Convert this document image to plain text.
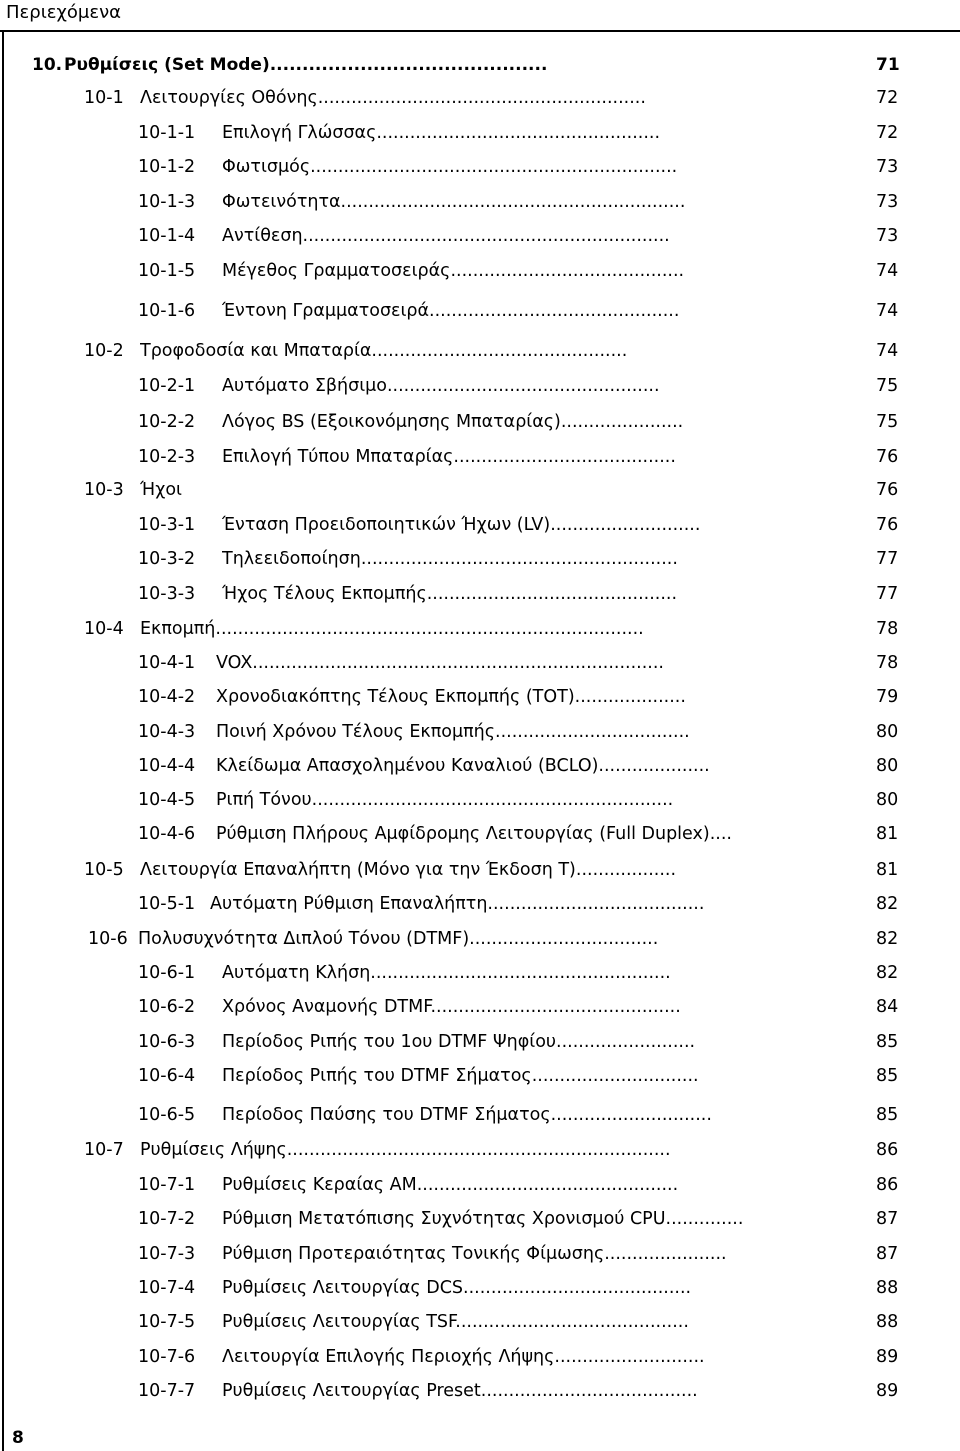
Περιεχόμενα
10. Ρυθμίσεις (Set Mode)...........................................	71
10-1 Λειτουργίες Οθόνης...........................................................	72
10-1-1 Επιλογή Γλώσσας...................................................	72
10-1-2 Φωτισμός..................................................................	73
10-1-3 Φωτεινότητα..............................................................	73
10-1-4 Αντίθεση..................................................................	73
10-1-5 Μέγεθος Γραμματοσειράς..........................................	74
10-1-6 Έντονη Γραμματοσειρά.............................................	74
10-2 Τροφοδοσία και Μπαταρία..............................................	74
10-2-1 Αυτόματο Σβήσιμο.................................................	75
10-2-2 Λόγος BS (Εξοικονόμησης Μπαταρίας)......................	75
10-2-3 Επιλογή Τύπου Μπαταρίας........................................	76
10-3 Ήχοι	76
10-3-1 Ένταση Προειδοποιητικών Ήχων (LV)...........................	76
10-3-2 Τηλεειδοποίηση.........................................................	77
10-3-3 Ήχος Τέλους Εκπομπής.............................................	77
10-4 Εκπομπή.............................................................................	78
10-4-1 VOX..........................................................................	78
10-4-2 Χρονοδιακόπτης Τέλους Εκπομπής (TOT)....................	79
10-4-3 Ποινή Χρόνου Τέλους Εκπομπής...................................	80
10-4-4 Κλείδωμα Απασχολημένου Καναλιού (BCLO)....................	80
10-4-5 Ριπή Τόνου.................................................................	80
10-4-6 Ρύθμιση Πλήρους Αμφίδρομης Λειτουργίας (Full Duplex)....	81
10-5 Λειτουργία Επαναλήπτη (Μόνο για την Έκδοση Τ)..................	81
10-5-1 Αυτόματη Ρύθμιση Επαναλήπτη.......................................	82
10-6 Πολυσυχνότητα Διπλού Τόνου (DTMF)..................................	82
10-6-1 Αυτόματη Κλήση......................................................	82
10-6-2 Χρόνος Αναμονής DTMF.............................................	84
10-6-3 Περίοδος Ριπής του 1ου DTMF Ψηφίου.........................	85
10-6-4 Περίοδος Ριπής του DTMF Σήματος..............................	85
10-6-5 Περίοδος Παύσης του DTMF Σήματος.............................	85
10-7 Ρυθμίσεις Λήψης.....................................................................	86
10-7-1 Ρυθμίσεις Κεραίας AM...............................................	86
10-7-2 Ρύθμιση Μετατόπισης Συχνότητας Χρονισμού CPU..............	87
10-7-3 Ρύθμιση Προτεραιότητας Τονικής Φίμωσης......................	87
10-7-4 Ρυθμίσεις Λειτουργίας DCS.........................................	88
10-7-5 Ρυθμίσεις Λειτουργίας TSF..........................................	88
10-7-6 Λειτουργία Επιλογής Περιοχής Λήψης...........................	89
10-7-7 Ρυθμίσεις Λειτουργίας Preset.......................................	89
8
